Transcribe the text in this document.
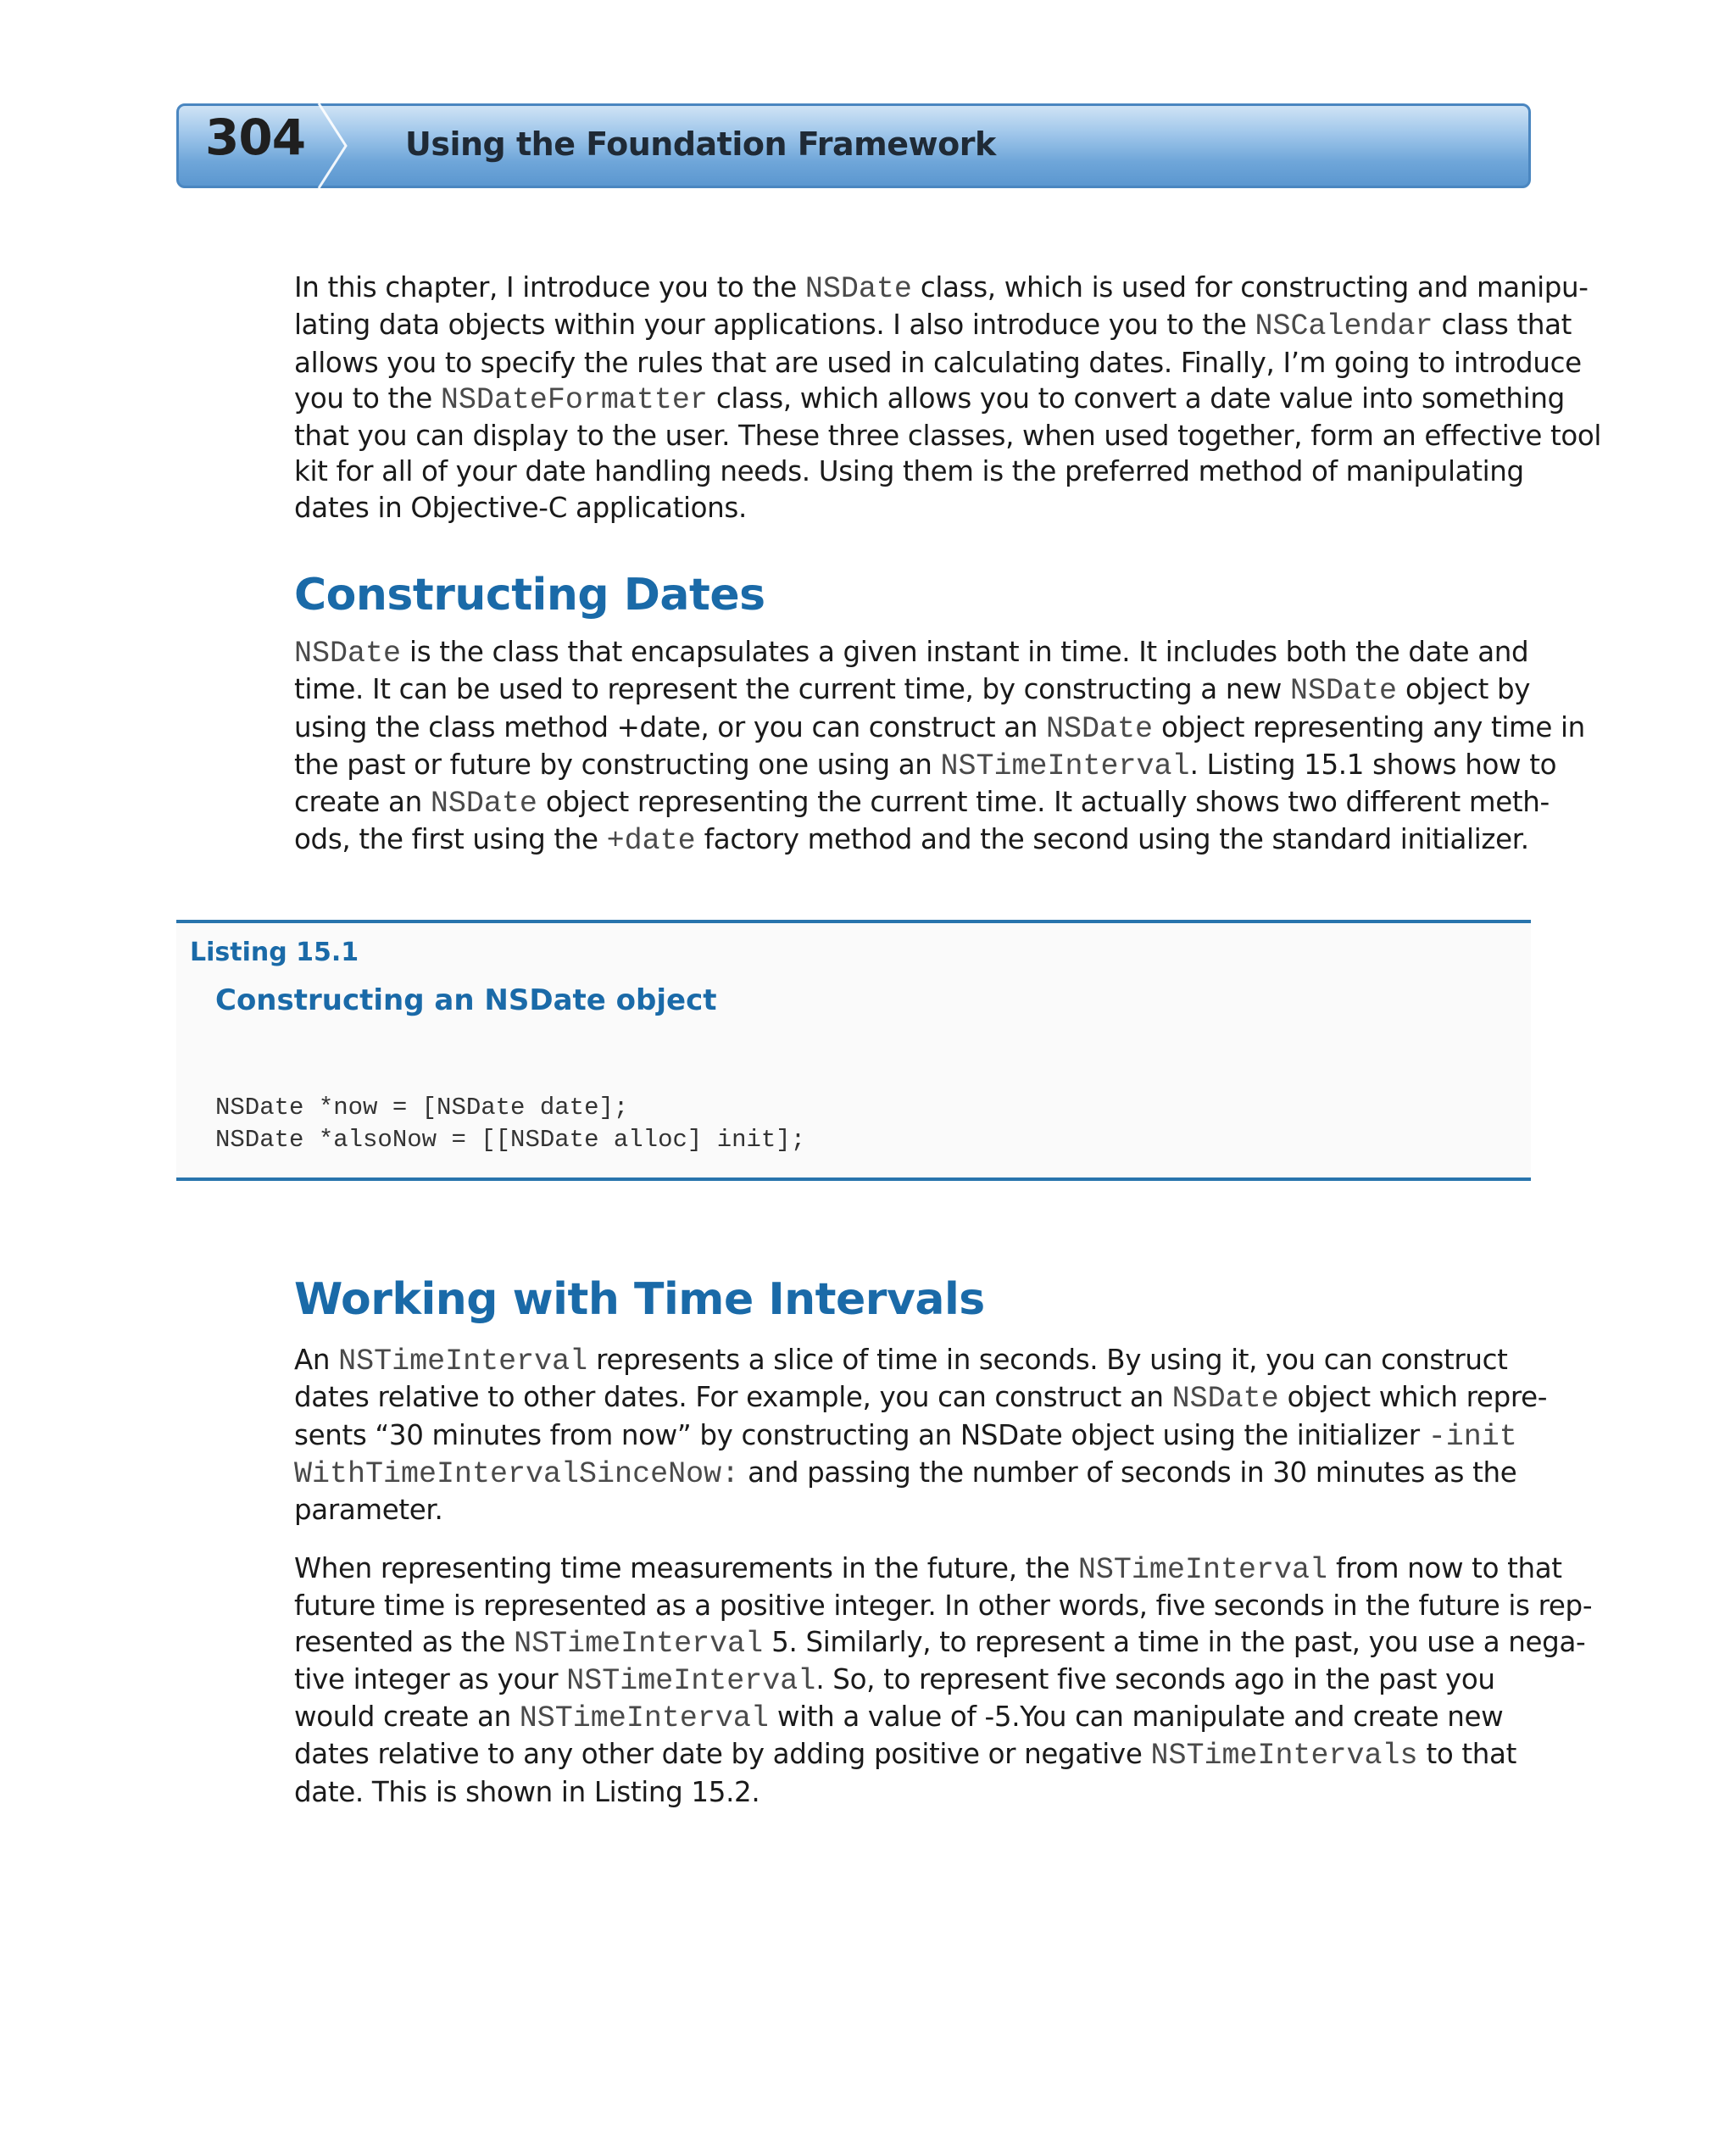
304	Using the Foundation Framework

In this chapter, I introduce you to the NSDate class, which is used for constructing and manipu-
lating data objects within your applications. I also introduce you to the NSCalendar class that
allows you to specify the rules that are used in calculating dates. Finally, I’m going to introduce
you to the NSDateFormatter class, which allows you to convert a date value into something
that you can display to the user. These three classes, when used together, form an effective tool
kit for all of your date handling needs. Using them is the preferred method of manipulating
dates in Objective-C applications.

Constructing Dates

NSDate is the class that encapsulates a given instant in time. It includes both the date and
time. It can be used to represent the current time, by constructing a new NSDate object by
using the class method +date, or you can construct an NSDate object representing any time in
the past or future by constructing one using an NSTimeInterval. Listing 15.1 shows how to
create an NSDate object representing the current time. It actually shows two different meth-
ods, the first using the +date factory method and the second using the standard initializer.

Listing 15.1
Constructing an NSDate object
NSDate *now = [NSDate date];
NSDate *alsoNow = [[NSDate alloc] init];
Working with Time Intervals

An NSTimeInterval represents a slice of time in seconds. By using it, you can construct
dates relative to other dates. For example, you can construct an NSDate object which repre-
sents “30 minutes from now” by constructing an NSDate object using the initializer -init
WithTimeIntervalSinceNow: and passing the number of seconds in 30 minutes as the
parameter.

When representing time measurements in the future, the NSTimeInterval from now to that
future time is represented as a positive integer. In other words, five seconds in the future is rep-
resented as the NSTimeInterval 5. Similarly, to represent a time in the past, you use a nega-
tive integer as your NSTimeInterval. So, to represent five seconds ago in the past you
would create an NSTimeInterval with a value of -5.You can manipulate and create new
dates relative to any other date by adding positive or negative NSTimeIntervals to that
date. This is shown in Listing 15.2.
